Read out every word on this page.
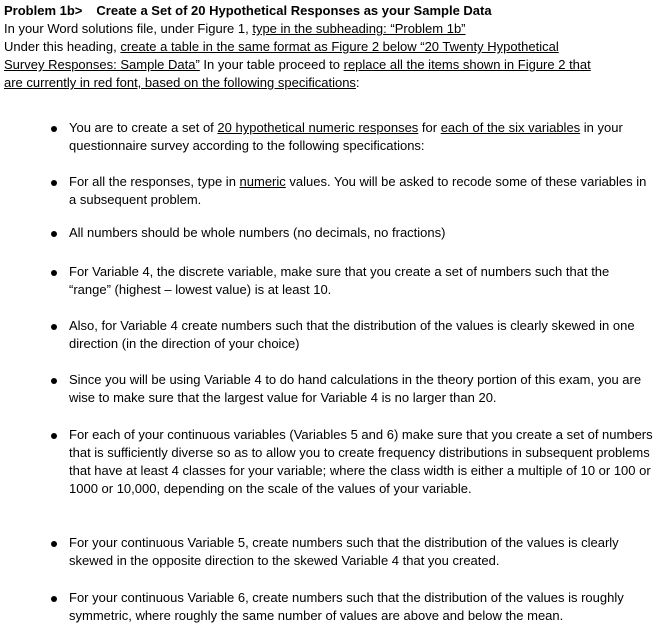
Problem 1b> Create a Set of 20 Hypothetical Responses as your Sample Data
In your Word solutions file, under Figure 1, type in the subheading: “Problem 1b”
Under this heading, create a table in the same format as Figure 2 below “20 Twenty Hypothetical
Survey Responses: Sample Data” In your table proceed to replace all the items shown in Figure 2 that
are currently in red font, based on the following specifications:
You are to create a set of 20 hypothetical numeric responses for each of the six variables in your questionnaire survey according to the following specifications:
For all the responses, type in numeric values. You will be asked to recode some of these variables in a subsequent problem.
All numbers should be whole numbers (no decimals, no fractions)
For Variable 4, the discrete variable, make sure that you create a set of numbers such that the “range” (highest – lowest value) is at least 10.
Also, for Variable 4 create numbers such that the distribution of the values is clearly skewed in one direction (in the direction of your choice)
Since you will be using Variable 4 to do hand calculations in the theory portion of this exam, you are wise to make sure that the largest value for Variable 4 is no larger than 20.
For each of your continuous variables (Variables 5 and 6) make sure that you create a set of numbers that is sufficiently diverse so as to allow you to create frequency distributions in subsequent problems that have at least 4 classes for your variable; where the class width is either a multiple of 10 or 100 or 1000 or 10,000, depending on the scale of the values of your variable.
For your continuous Variable 5, create numbers such that the distribution of the values is clearly skewed in the opposite direction to the skewed Variable 4 that you created.
For your continuous Variable 6, create numbers such that the distribution of the values is roughly symmetric, where roughly the same number of values are above and below the mean.
